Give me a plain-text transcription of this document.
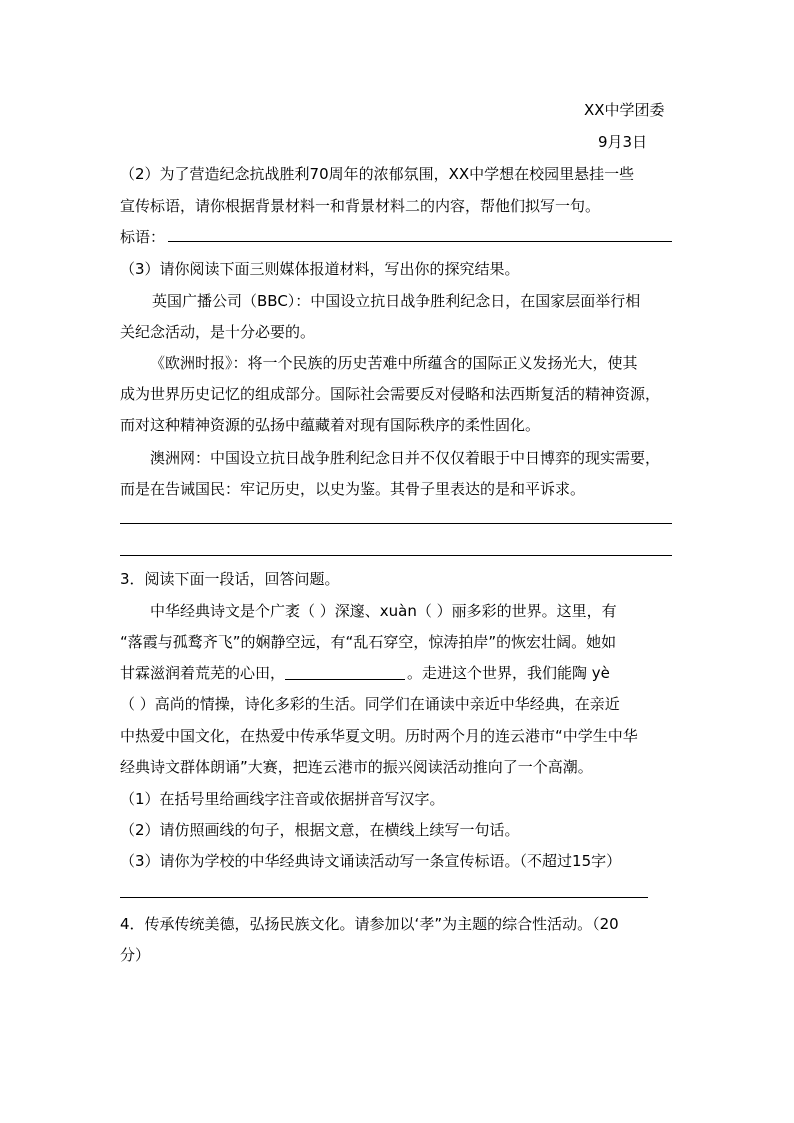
XX中学团委
9月3日
（2）为了营造纪念抗战胜利70周年的浓郁氛围，XX中学想在校园里悬挂一些
宣传标语，请你根据背景材料一和背景材料二的内容，帮他们拟写一句。
标语：
（3）请你阅读下面三则媒体报道材料，写出你的探究结果。
英国广播公司（BBC）：中国设立抗日战争胜利纪念日，在国家层面举行相
关纪念活动，是十分必要的。
《欧洲时报》：将一个民族的历史苦难中所蕴含的国际正义发扬光大，使其
成为世界历史记忆的组成部分。国际社会需要反对侵略和法西斯复活的精神资源，
而对这种精神资源的弘扬中蕴藏着对现有国际秩序的柔性固化。
澳洲网：中国设立抗日战争胜利纪念日并不仅仅着眼于中日博弈的现实需要，
而是在告诫国民：牢记历史，以史为鉴。其骨子里表达的是和平诉求。
3．阅读下面一段话，回答问题。
中华经典诗文是个广袤（ ）深邃、xuàn（ ）丽多彩的世界。这里，有
“落霞与孤鹜齐飞”的娴静空远，有“乱石穿空，惊涛拍岸”的恢宏壮阔。她如
甘霖滋润着荒芜的心田，	。走进这个世界，我们能陶 yè
（ ）高尚的情操，诗化多彩的生活。同学们在诵读中亲近中华经典，在亲近
中热爱中国文化，在热爱中传承华夏文明。历时两个月的连云港市“中学生中华
经典诗文群体朗诵”大赛，把连云港市的振兴阅读活动推向了一个高潮。
（1）在括号里给画线字注音或依据拼音写汉字。
（2）请仿照画线的句子，根据文意，在横线上续写一句话。
（3）请你为学校的中华经典诗文诵读活动写一条宣传标语。（不超过15字）
4．传承传统美德，弘扬民族文化。请参加以‘孝”为主题的综合性活动。（20
分）
